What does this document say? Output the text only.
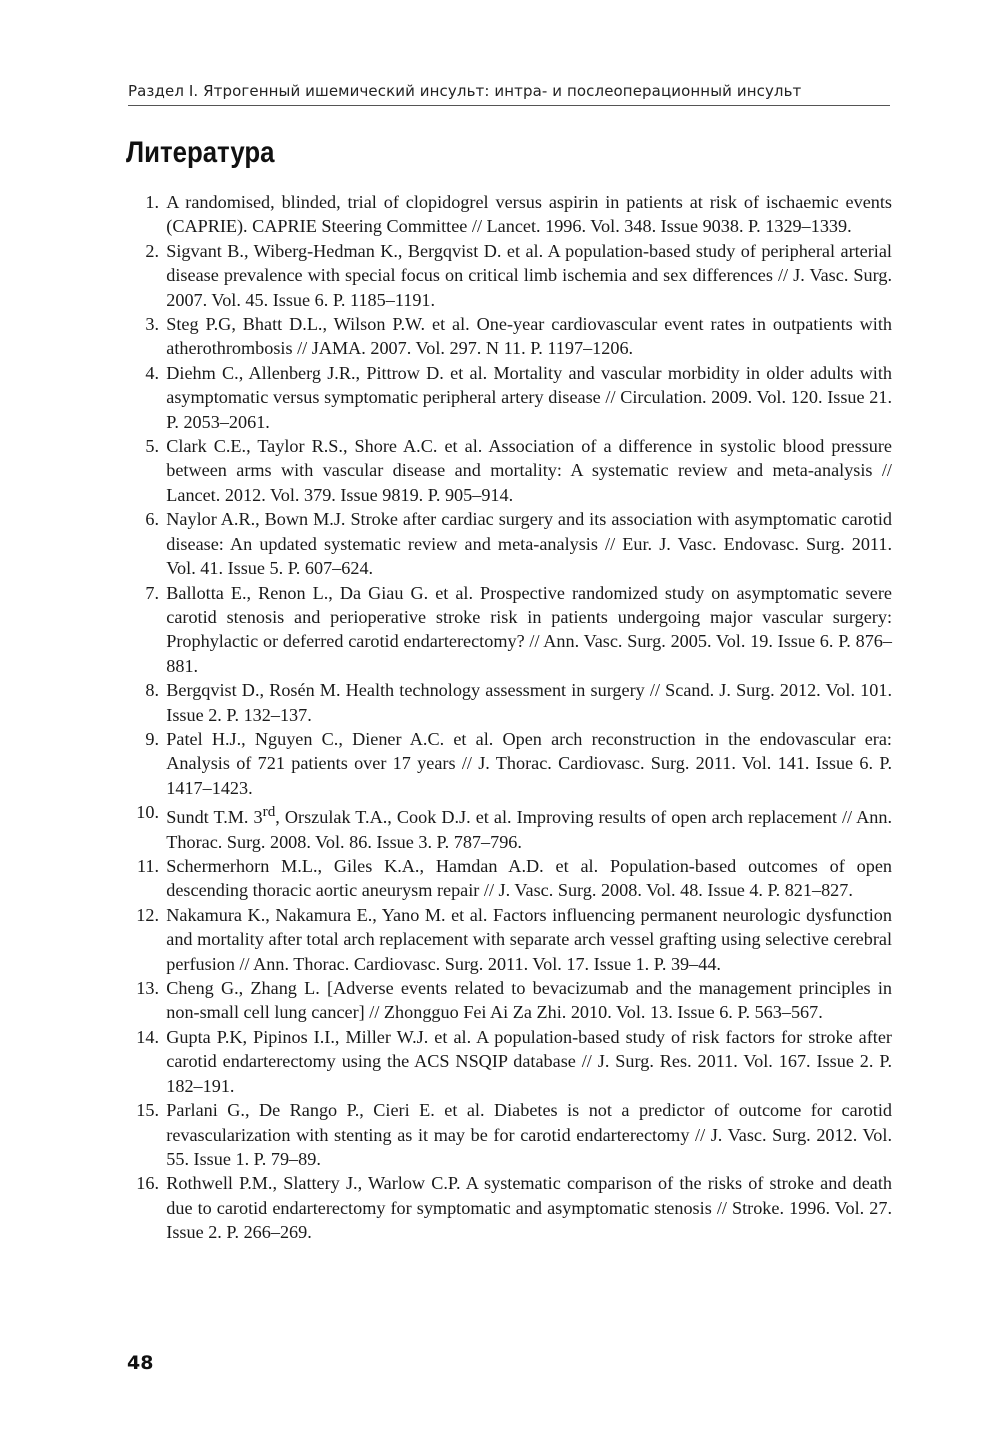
Раздел I. Ятрогенный ишемический инсульт: интра- и послеоперационный инсульт
Литература
1. A randomised, blinded, trial of clopidogrel versus aspirin in patients at risk of ischaemic events (CAPRIE). CAPRIE Steering Committee // Lancet. 1996. Vol. 348. Issue 9038. P. 1329–1339.
2. Sigvant B., Wiberg-Hedman K., Bergqvist D. et al. A population-based study of peripheral arterial disease prevalence with special focus on critical limb ischemia and sex differences // J. Vasc. Surg. 2007. Vol. 45. Issue 6. P. 1185–1191.
3. Steg P.G, Bhatt D.L., Wilson P.W. et al. One-year cardiovascular event rates in outpatients with atherothrombosis // JAMA. 2007. Vol. 297. N 11. P. 1197–1206.
4. Diehm C., Allenberg J.R., Pittrow D. et al. Mortality and vascular morbidity in older adults with asymptomatic versus symptomatic peripheral artery disease // Circulation. 2009. Vol. 120. Issue 21. P. 2053–2061.
5. Clark C.E., Taylor R.S., Shore A.C. et al. Association of a difference in systolic blood pressure between arms with vascular disease and mortality: A systematic review and meta-analysis // Lancet. 2012. Vol. 379. Issue 9819. P. 905–914.
6. Naylor A.R., Bown M.J. Stroke after cardiac surgery and its association with asymptomatic carotid disease: An updated systematic review and meta-analysis // Eur. J. Vasc. Endovasc. Surg. 2011. Vol. 41. Issue 5. P. 607–624.
7. Ballotta E., Renon L., Da Giau G. et al. Prospective randomized study on asymptomatic severe carotid stenosis and perioperative stroke risk in patients undergoing major vascular surgery: Prophylactic or deferred carotid endarterectomy? // Ann. Vasc. Surg. 2005. Vol. 19. Issue 6. P. 876–881.
8. Bergqvist D., Rosén M. Health technology assessment in surgery // Scand. J. Surg. 2012. Vol. 101. Issue 2. P. 132–137.
9. Patel H.J., Nguyen C., Diener A.C. et al. Open arch reconstruction in the endovascular era: Analysis of 721 patients over 17 years // J. Thorac. Cardiovasc. Surg. 2011. Vol. 141. Issue 6. P. 1417–1423.
10. Sundt T.M. 3rd, Orszulak T.A., Cook D.J. et al. Improving results of open arch replacement // Ann. Thorac. Surg. 2008. Vol. 86. Issue 3. P. 787–796.
11. Schermerhorn M.L., Giles K.A., Hamdan A.D. et al. Population-based outcomes of open descending thoracic aortic aneurysm repair // J. Vasc. Surg. 2008. Vol. 48. Issue 4. P. 821–827.
12. Nakamura K., Nakamura E., Yano M. et al. Factors influencing permanent neurologic dysfunction and mortality after total arch replacement with separate arch vessel grafting using selective cerebral perfusion // Ann. Thorac. Cardiovasc. Surg. 2011. Vol. 17. Issue 1. P. 39–44.
13. Cheng G., Zhang L. [Adverse events related to bevacizumab and the management principles in non-small cell lung cancer] // Zhongguo Fei Ai Za Zhi. 2010. Vol. 13. Issue 6. P. 563–567.
14. Gupta P.K, Pipinos I.I., Miller W.J. et al. A population-based study of risk factors for stroke after carotid endarterectomy using the ACS NSQIP database // J. Surg. Res. 2011. Vol. 167. Issue 2. P. 182–191.
15. Parlani G., De Rango P., Cieri E. et al. Diabetes is not a predictor of outcome for carotid revascularization with stenting as it may be for carotid endarterectomy // J. Vasc. Surg. 2012. Vol. 55. Issue 1. P. 79–89.
16. Rothwell P.M., Slattery J., Warlow C.P. A systematic comparison of the risks of stroke and death due to carotid endarterectomy for symptomatic and asymptomatic stenosis // Stroke. 1996. Vol. 27. Issue 2. P. 266–269.
48
